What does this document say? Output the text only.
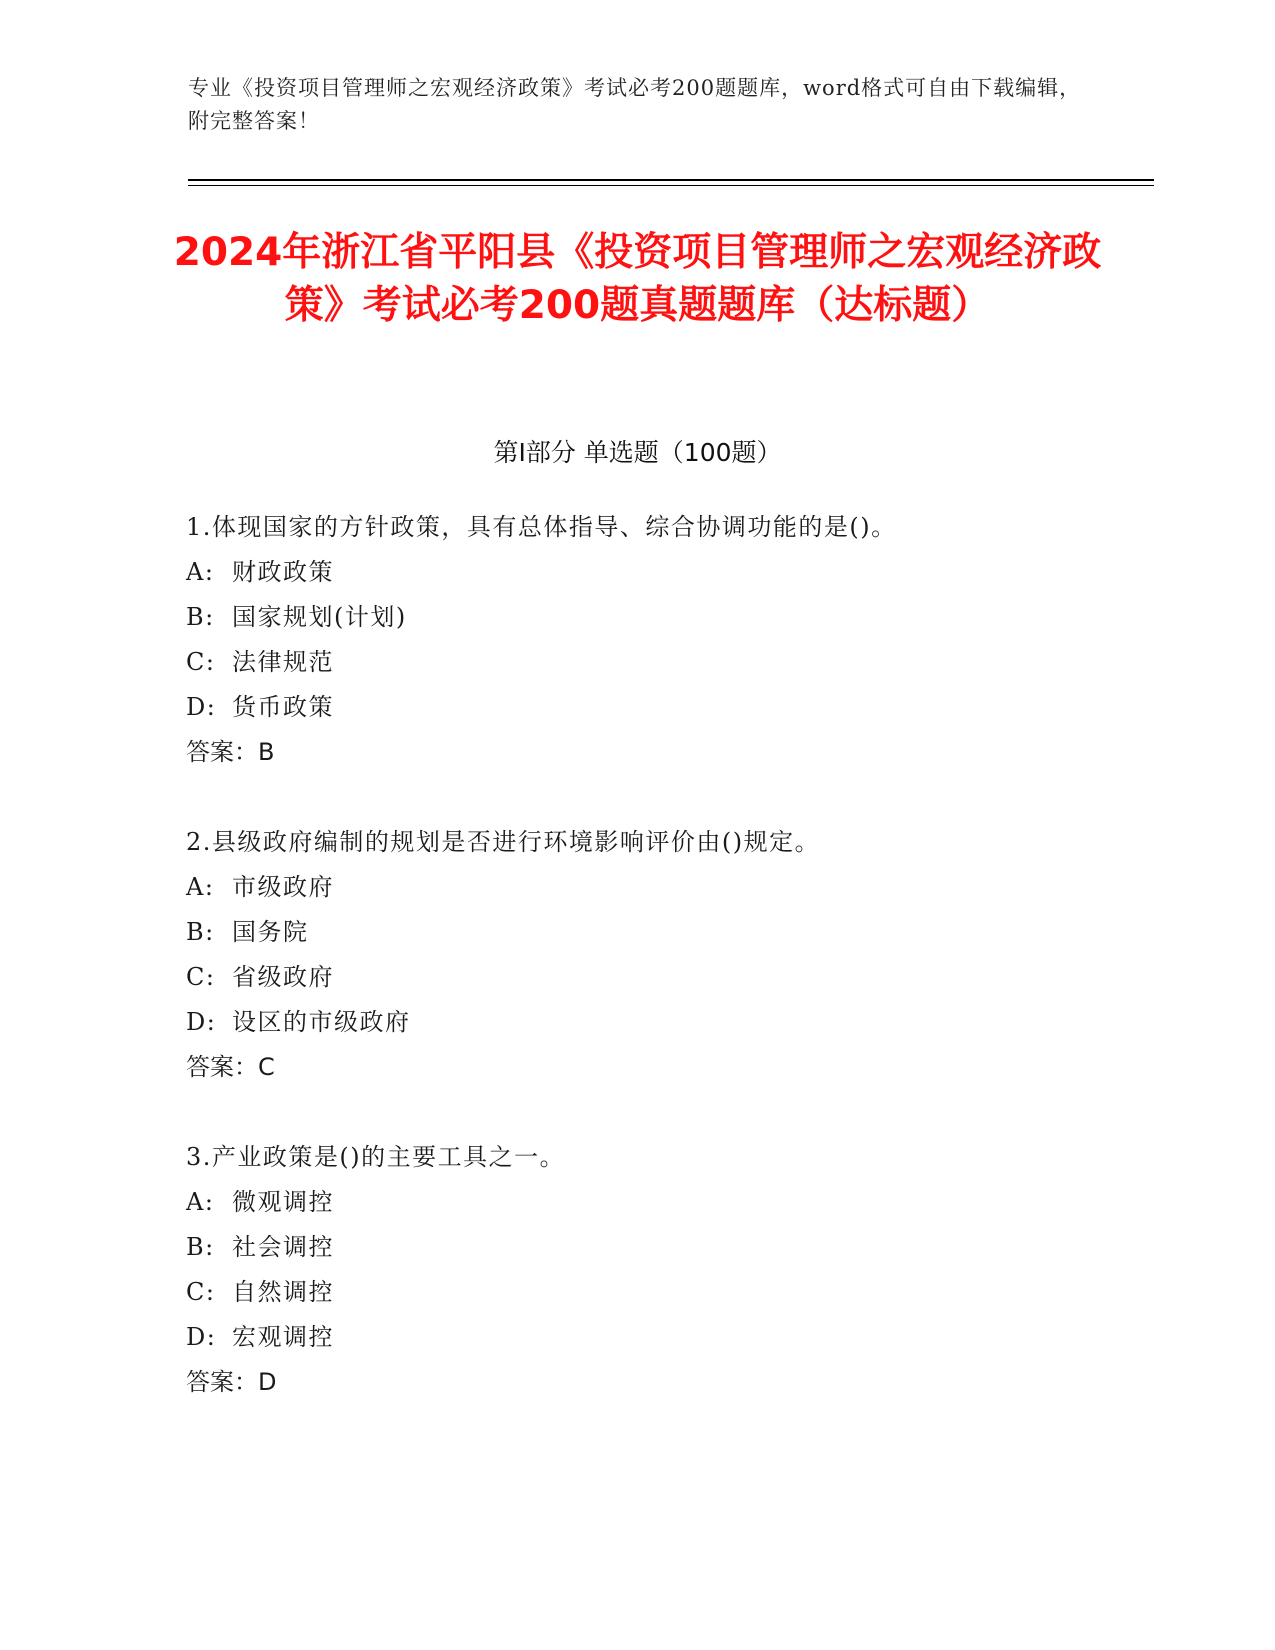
专业《投资项目管理师之宏观经济政策》考试必考200题题库，word格式可自由下载编辑，附完整答案！
2024年浙江省平阳县《投资项目管理师之宏观经济政策》考试必考200题真题题库（达标题）
第Ⅰ部分 单选题（100题）
1.体现国家的方针政策，具有总体指导、综合协调功能的是()。
A: 财政政策
B: 国家规划(计划)
C: 法律规范
D: 货币政策
答案：B
2.县级政府编制的规划是否进行环境影响评价由()规定。
A: 市级政府
B: 国务院
C: 省级政府
D: 设区的市级政府
答案：C
3.产业政策是()的主要工具之一。
A: 微观调控
B: 社会调控
C: 自然调控
D: 宏观调控
答案：D
